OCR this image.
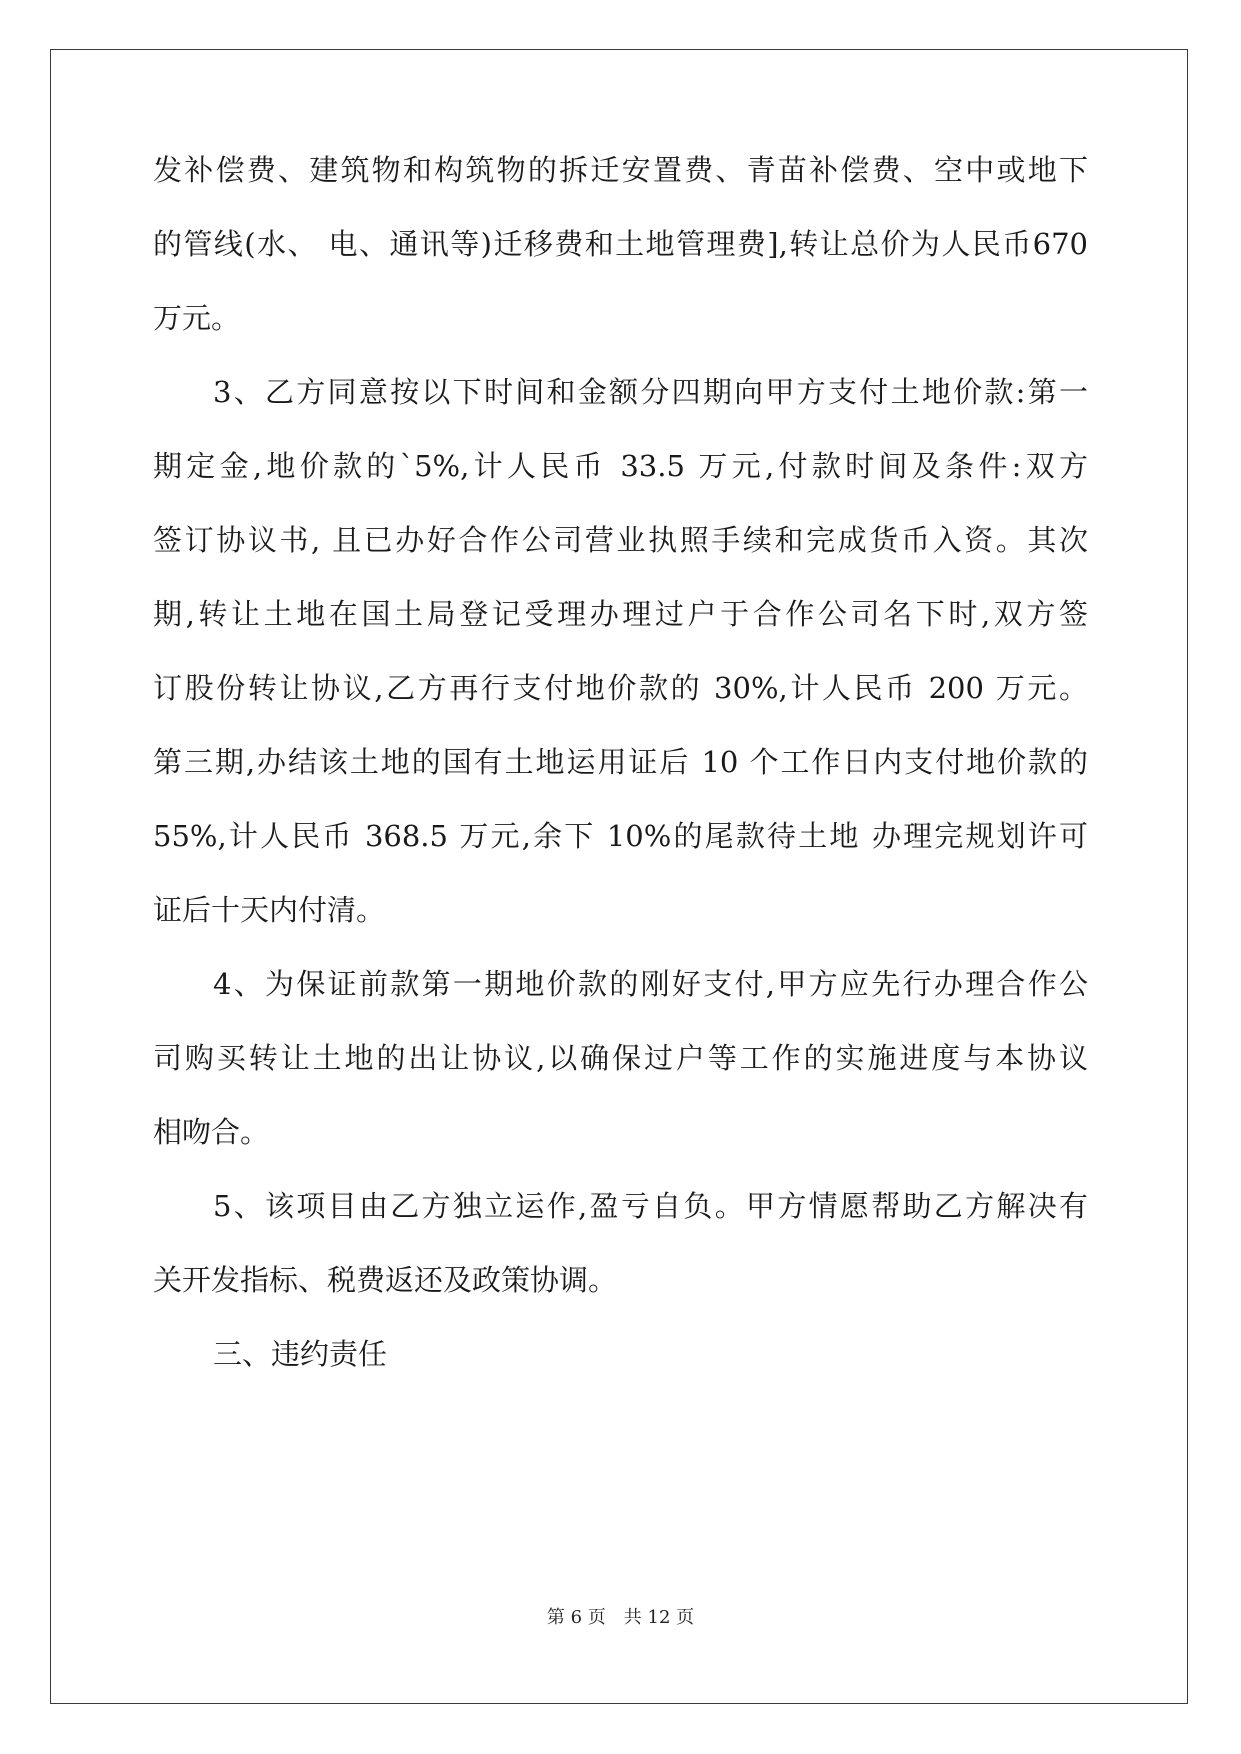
发补偿费、建筑物和构筑物的拆迁安置费、青苗补偿费、空中或地下
的管线(水、 电、通讯等)迁移费和土地管理费],转让总价为人民币670
万元。
3、乙方同意按以下时间和金额分四期向甲方支付土地价款:第一
期定金,地价款的`5%,计人民币 33.5 万元,付款时间及条件:双方
签订协议书, 且已办好合作公司营业执照手续和完成货币入资。其次
期,转让土地在国土局登记受理办理过户于合作公司名下时,双方签
订股份转让协议,乙方再行支付地价款的 30%,计人民币 200 万元。
第三期,办结该土地的国有土地运用证后 10 个工作日内支付地价款的
55%,计人民币 368.5 万元,余下 10%的尾款待土地 办理完规划许可
证后十天内付清。
4、为保证前款第一期地价款的刚好支付,甲方应先行办理合作公
司购买转让土地的出让协议,以确保过户等工作的实施进度与本协议
相吻合。
5、该项目由乙方独立运作,盈亏自负。甲方情愿帮助乙方解决有
关开发指标、税费返还及政策协调。
三、违约责任
第 6 页　共 12 页
